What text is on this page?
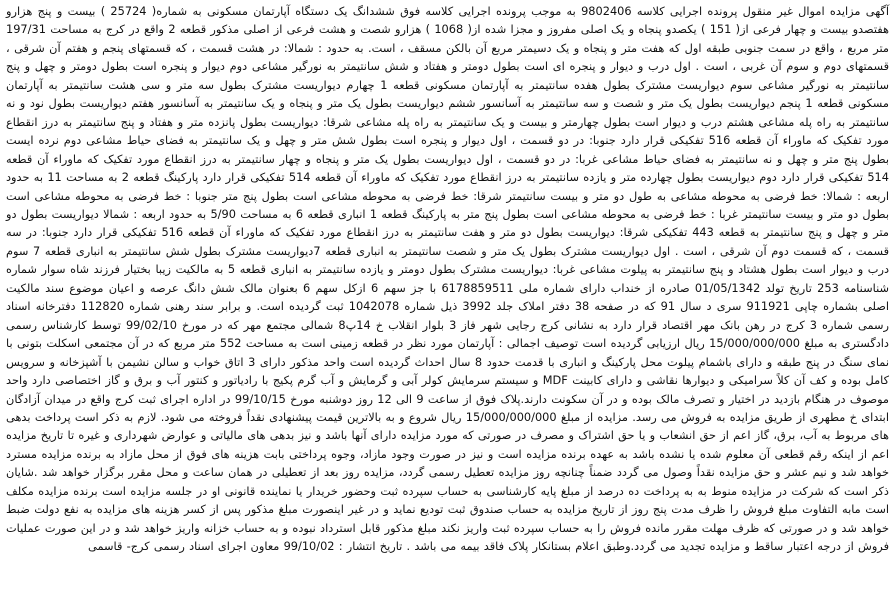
آگهی مزایده اموال غیر منقول پرونده اجرایی کلاسه 9802406 به موجب پرونده اجرایی کلاسه فوق ششدانگ یک دستگاه آپارتمان مسکونی به شماره( 25724 ) بیست و پنج هزارو هفتصدو بیست و چهار فرعی از( 151 ) یکصدو پنجاه و یک اصلی مفروز و مجزا شده از( 1068 ) هزارو شصت و هشت فرعی از اصلی مذکور قطعه 2 واقع در کرج به مساحت 197/31 متر مربع ، واقع در سمت جنوبی طبقه اول که هفت متر و پنجاه و یک دسیمتر مربع آن بالکن مسقف ، است. به حدود : شمالا: در هشت قسمت ، که قسمتهای پنجم و هفتم آن شرقی ، قسمتهای دوم و سوم آن غربی ، است . اول درب و دیوار و پنجره ای است بطول دومتر و هفتاد و شش سانتیمتر به نورگیر مشاعی دوم دیوار و پنجره است بطول دومتر و چهل و پنج سانتیمتر به نورگیر مشاعی سوم دیواریست مشترک بطول هفده سانتیمتر به آپارتمان مسکونی قطعه 1 چهارم دیواریست مشترک بطول سه متر و سی هشت سانتیمتر به آپارتمان مسکونی قطعه 1 پنجم دیواریست بطول یک متر و شصت و سه سانتیمتر به آسانسور ششم دیواریست بطول یک متر و پنجاه و یک سانتیمتر به آسانسور هفتم دیواریست بطول نود و نه سانتیمتر به راه پله مشاعی هشتم درب و دیوار است بطول چهارمتر و بیست و یک سانتیمتر به راه پله مشاعی شرقا: دیواریست بطول پانزده متر و هفتاد و پنج سانتیمتر به درز انقطاع مورد تفکیک که ماوراء آن قطعه 516 تفکیکی قرار دارد جنوبا: در دو قسمت ، اول دیوار و پنجره است بطول شش متر و چهل و یک سانتیمتر به فضای حیاط مشاعی دوم نرده ایست بطول پنج متر و چهل و نه سانتیمتر به فضای حیاط مشاعی غربا: در دو قسمت ، اول دیواریست بطول یک متر و پنجاه و چهار سانتیمتر به درز انقطاع مورد تفکیک که ماوراء آن قطعه 514 تفکیکی قرار دارد دوم دیواریست بطول چهارده متر و یازده سانتیمتر به درز انقطاع مورد تفکیک که ماوراء آن قطعه 514 تفکیکی قرار دارد پارکینگ قطعه 2 به مساحت 11 به حدود اربعه : شمالا: خط فرضی به محوطه مشاعی به طول دو متر و بیست سانتیمتر شرقا: خط فرضی به محوطه مشاعی است بطول پنج متر جنوبا : خط فرضی به محوطه مشاعی است بطول دو متر و بیست سانتیمتر غربا : خط فرضی به محوطه مشاعی است بطول پنج متر به پارکینگ قطعه 1 انباری قطعه 6 به مساحت 5/90 به حدود اربعه : شمالا دیواریست بطول دو متر و چهل و پنج سانتیمتر به قطعه 443 تفکیکی شرقا: دیواریست بطول دو متر و هفت سانتیمتر به درز انقطاع مورد تفکیک که ماوراء آن قطعه 516 تفکیکی قرار دارد جنوبا: در سه قسمت ، که قسمت دوم آن شرقی ، است . اول دیواریست مشترک بطول یک متر و شصت سانتیمتر به انباری قطعه 7دیواریست مشترک بطول شش سانتیمتر به انباری قطعه 7 سوم درب و دیوار است بطول هشتاد و پنج سانتیمتر به پیلوت مشاعی غربا: دیواریست مشترک بطول دومتر و یازده سانتیمتر به انباری قطعه 5 به مالکیت زیبا بختیار فرزند شاه سوار شماره شناسنامه 253 تاریخ تولد 01/05/1342 صادره از خنداب دارای شماره ملی 6178859511 با جز سهم 6 ازکل سهم 6 بعنوان مالک شش دانگ عرصه و اعیان موضوع سند مالکیت اصلی بشماره چاپی 911921 سری د سال 91 که در صفحه 38 دفتر املاک جلد 3992 ذیل شماره 1042078 ثبت گردیده است. و برابر سند رهنی شماره 112820 دفترخانه اسناد رسمی شماره 3 کرج در رهن بانک مهر اقتصاد قرار دارد به نشانی کرج رجایی شهر فاز 3 بلوار انقلاب خ 14پ8 شمالی مجتمع مهر که در مورخ 99/02/10 توسط کارشناس رسمی دادگستری به مبلغ 15/000/000/000 ریال ارزیابی گردیده است توصیف اجمالی : آپارتمان مورد نظر در قطعه زمینی است به مساحت 552 متر مربع که در آن مجتمعی اسکلت بتونی با نمای سنگ در پنج طبقه و دارای باشمام پیلوت محل پارکینگ و انباری با قدمت حدود 8 سال احداث گردیده است واحد مذکور دارای 3 اتاق خواب و سالن نشیمن با آشپزخانه و سرویس کامل بوده و کف آن کلاً سرامیکی و دیوارها نقاشی و دارای کابینت MDF و سیستم سرمایش کولر آبی و گرمایش و آب گرم پکیج با رادیاتور و کنتور آب و برق و گاز اختصاصی دارد واحد موصوف در هنگام بازدید در اختیار و تصرف مالک بوده و در آن سکونت دارند.پلاک فوق از ساعت 9 الی 12 روز دوشنبه مورخ 99/10/15 در اداره اجرای ثبت کرج واقع در میدان آزادگان ابتدای خ مطهری از طریق مزایده به فروش می رسد. مزایده از مبلغ 15/000/000/000 ریال شروع و به بالاترین قیمت پیشنهادی نقداً فروخته می شود. لازم به ذکر است پرداخت بدهی های مربوط به آب، برق، گاز اعم از حق انشعاب و یا حق اشتراک و مصرف در صورتی که مورد مزایده دارای آنها باشد و نیز بدهی های مالیاتی و عوارض شهرداری و غیره تا تاریخ مزایده اعم از اینکه رقم قطعی آن معلوم شده یا نشده باشد به عهده برنده مزایده است و نیز در صورت وجود مازاد، وجوه پرداختی بابت هزینه های فوق از محل مازاد به برنده مزایده مسترد خواهد شد و نیم عشر و حق مزایده نقداً وصول می گردد ضمناً چنانچه روز مزایده تعطیل رسمی گردد، مزایده روز بعد از تعطیلی در همان ساعت و محل مقرر برگزار خواهد شد .شایان ذکر است که شرکت در مزایده منوط به به پرداخت ده درصد از مبلغ پایه کارشناسی به حساب سپرده ثبت وحضور خریدار یا نماینده قانونی او در جلسه مزایده است برنده مزایده مکلف است مابه التفاوت مبلغ فروش را ظرف مدت پنج روز از تاریخ مزایده به حساب صندوق ثبت تودیع نماید و در غیر اینصورت مبلغ مذکور پس از کسر هزینه های مزایده به نفع دولت ضبط خواهد شد و در صورتی که ظرف مهلت مقرر مانده فروش را به حساب سپرده ثبت واریز نکند مبلغ مذکور قابل استرداد نبوده و به حساب خزانه واریز خواهد شد و در این صورت عملیات فروش از درجه اعتبار ساقط و مزایده تجدید می گردد.وطبق اعلام بستانکار پلاک فاقد بیمه می باشد . تاریخ انتشار : 99/10/02 معاون اجرای اسناد رسمی کرج- قاسمی
